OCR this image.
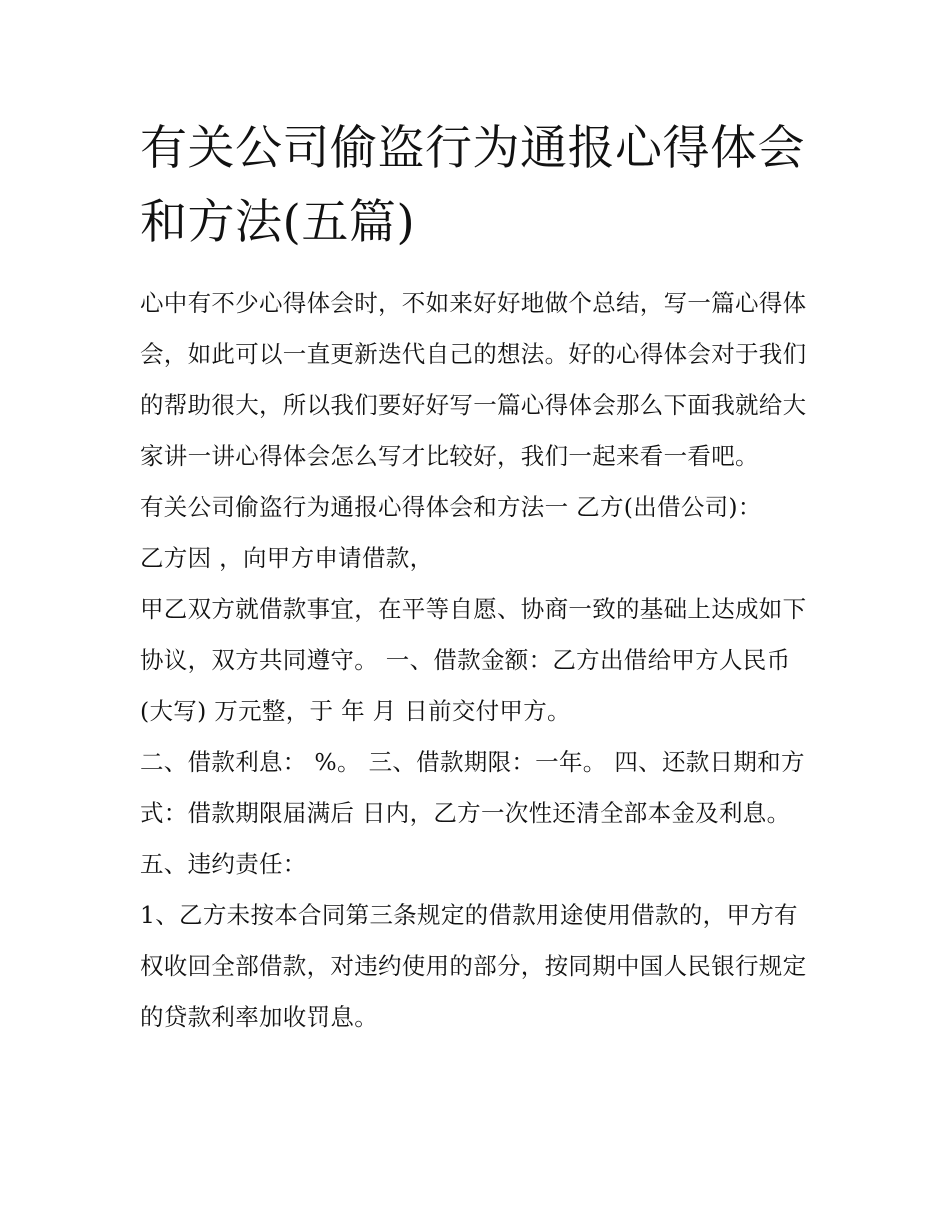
有关公司偷盗行为通报心得体会和方法(五篇)

心中有不少心得体会时，不如来好好地做个总结，写一篇心得体会，如此可以一直更新迭代自己的想法。好的心得体会对于我们的帮助很大，所以我们要好好写一篇心得体会那么下面我就给大家讲一讲心得体会怎么写才比较好，我们一起来看一看吧。

有关公司偷盗行为通报心得体会和方法一 乙方(出借公司)：

乙方因 ，向甲方申请借款，

甲乙双方就借款事宜，在平等自愿、协商一致的基础上达成如下协议，双方共同遵守。 一、借款金额：乙方出借给甲方人民币(大写) 万元整，于 年 月 日前交付甲方。

二、借款利息： %。 三、借款期限：一年。 四、还款日期和方式：借款期限届满后 日内，乙方一次性还清全部本金及利息。 五、违约责任：

1、乙方未按本合同第三条规定的借款用途使用借款的，甲方有权收回全部借款，对违约使用的部分，按同期中国人民银行规定的贷款利率加收罚息。
